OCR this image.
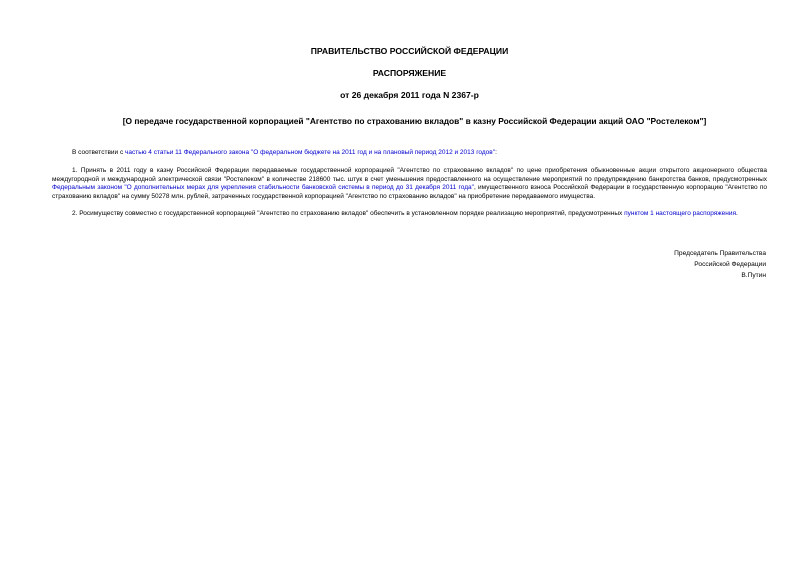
ПРАВИТЕЛЬСТВО РОССИЙСКОЙ ФЕДЕРАЦИИ
РАСПОРЯЖЕНИЕ
от 26 декабря 2011 года N 2367-р
[О передаче государственной корпорацией "Агентство по страхованию вкладов" в казну Российской Федерации акций ОАО "Ростелеком"]
В соответствии с частью 4 статьи 11 Федерального закона "О федеральном бюджете на 2011 год и на плановый период 2012 и 2013 годов":
1. Принять в 2011 году в казну Российской Федерации передаваемые государственной корпорацией "Агентство по страхованию вкладов" по цене приобретения обыкновенные акции открытого акционерного общества междугородной и международной электрической связи "Ростелеком" в количестве 218600 тыс. штук в счет уменьшения предоставленного на осуществление мероприятий по предупреждению банкротства банков, предусмотренных Федеральным законом "О дополнительных мерах для укрепления стабильности банковской системы в период до 31 декабря 2011 года", имущественного взноса Российской Федерации в государственную корпорацию "Агентство по страхованию вкладов" на сумму 50278 млн. рублей, затраченных государственной корпорацией "Агентство по страхованию вкладов" на приобретение передаваемого имущества.
2. Росимуществу совместно с государственной корпорацией "Агентство по страхованию вкладов" обеспечить в установленном порядке реализацию мероприятий, предусмотренных пунктом 1 настоящего распоряжения.
Председатель Правительства
Российской Федерации
В.Путин
